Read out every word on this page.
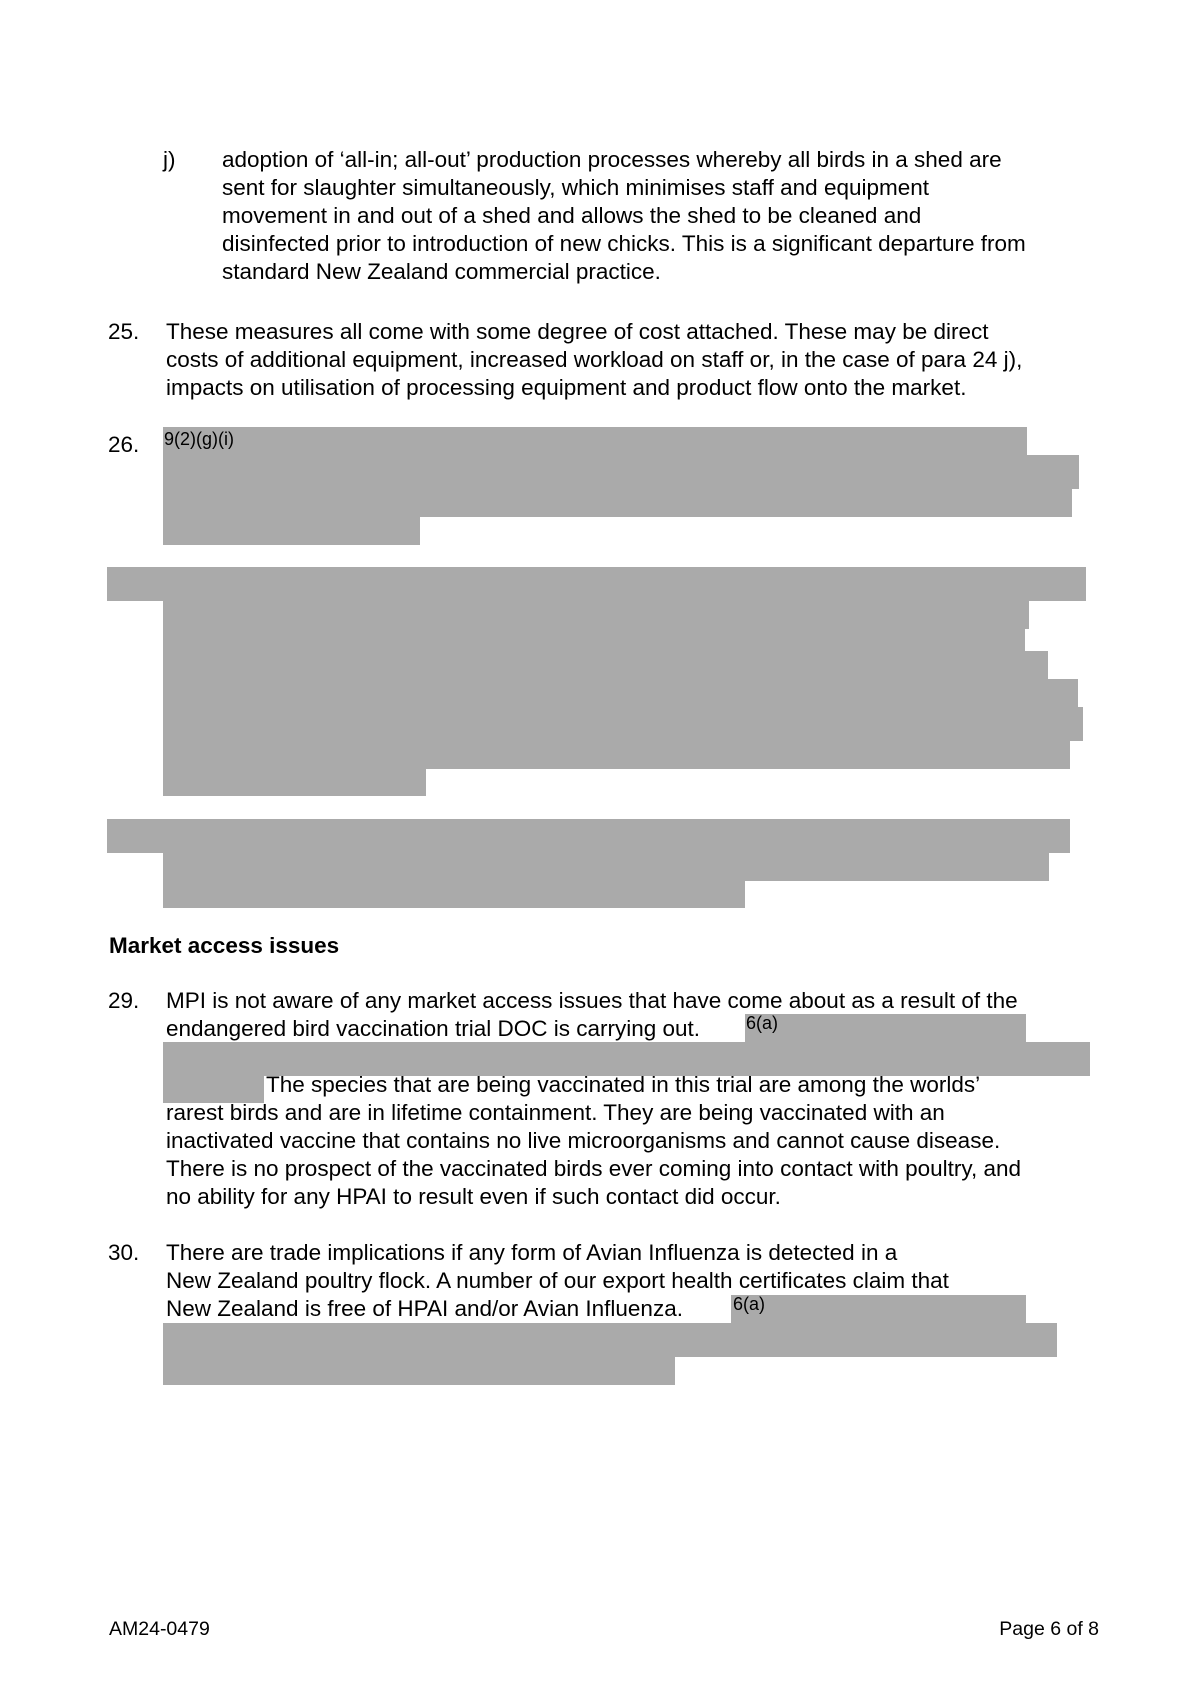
j) adoption of ‘all-in; all-out’ production processes whereby all birds in a shed are
sent for slaughter simultaneously, which minimises staff and equipment
movement in and out of a shed and allows the shed to be cleaned and
disinfected prior to introduction of new chicks. This is a significant departure from
standard New Zealand commercial practice.
25. These measures all come with some degree of cost attached. These may be direct
costs of additional equipment, increased workload on staff or, in the case of para 24 j),
impacts on utilisation of processing equipment and product flow onto the market.
26. 9(2)(g)(i)
Market access issues
29. MPI is not aware of any market access issues that have come about as a result of the
endangered bird vaccination trial DOC is carrying out.	6(a)
The species that are being vaccinated in this trial are among the worlds’
rarest birds and are in lifetime containment. They are being vaccinated with an
inactivated vaccine that contains no live microorganisms and cannot cause disease.
There is no prospect of the vaccinated birds ever coming into contact with poultry, and
no ability for any HPAI to result even if such contact did occur.
30. There are trade implications if any form of Avian Influenza is detected in a
New Zealand poultry flock. A number of our export health certificates claim that
New Zealand is free of HPAI and/or Avian Influenza.	6(a)
AM24-0479	Page 6 of 8
